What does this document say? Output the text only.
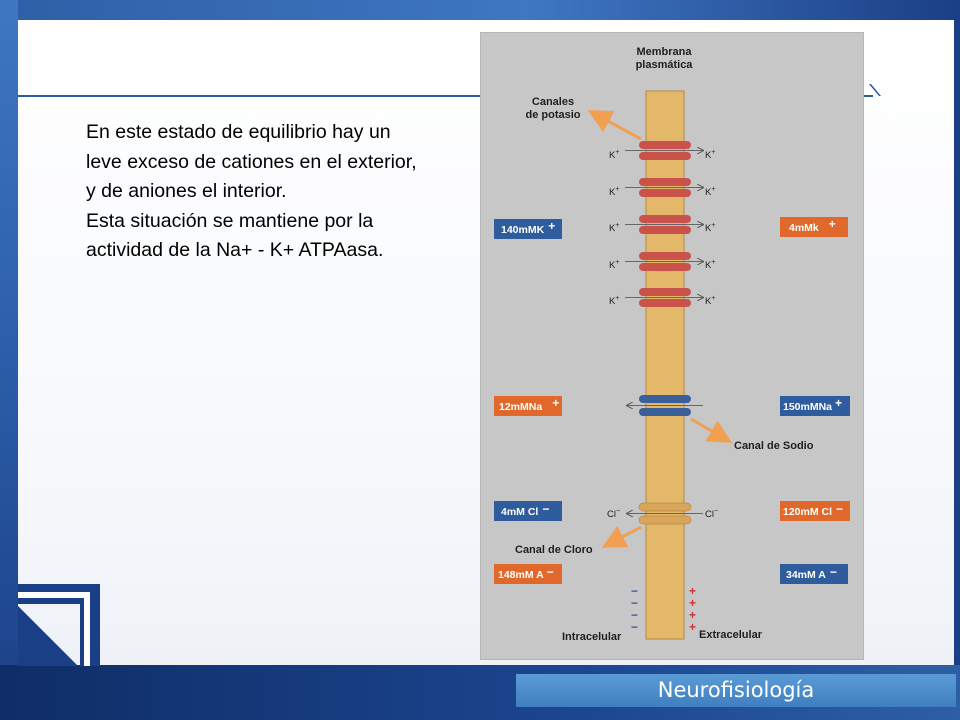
En este estado de equilibrio hay un leve exceso de cationes en el exterior, y de aniones el interior.

Esta situación se mantiene por la actividad de la Na+ - K+ ATPAasa.

Membrana
plasmática
Canales
de potasio
K+	K+
K+	K+
K+	K+
K+	K+
K+	K+
140mMK +	4mMk +
12mMNa +	150mMNa +
Canal de Sodio
Cl−	Cl−
4mM Cl −	120mM Cl −
Canal de Cloro
148mM A −	34mM A −
−
−
−
−
+
+
+
+
Intracelular	Extracelular
Neurofisiología
